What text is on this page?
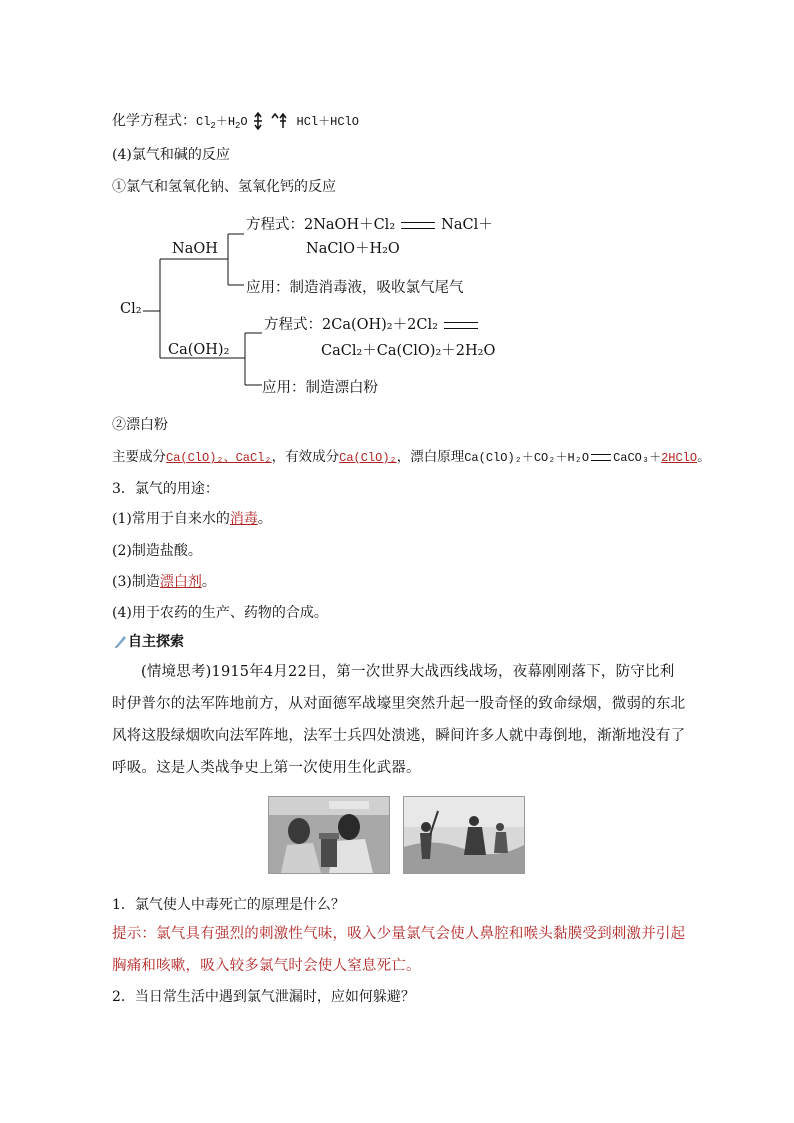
化学方程式：$Cl_2+H_2O$	HCl＋HClO
(4)氯气和碱的反应
①氯气和氢氧化钠、氢氧化钙的反应
Cl₂
NaOH
方程式：2NaOH＋Cl₂	NaCl＋
NaClO＋H₂O
应用：制造消毒液，吸收氯气尾气
Ca(OH)₂
方程式：2Ca(OH)₂＋2Cl₂
CaCl₂＋Ca(ClO)₂＋2H₂O
应用：制造漂白粉
②漂白粉
主要成分Ca(ClO)₂、CaCl₂，有效成分Ca(ClO)₂，漂白原理Ca(ClO)₂＋CO₂＋H₂O CaCO₃＋2HClO。
3．氯气的用途：
(1)常用于自来水的消毒。
(2)制造盐酸。
(3)制造漂白剂。
(4)用于农药的生产、药物的合成。
自主探索
(情境思考)1915年4月22日，第一次世界大战西线战场，夜幕刚刚落下，防守比利时伊普尔的法军阵地前方，从对面德军战壕里突然升起一股奇怪的致命绿烟，微弱的东北风将这股绿烟吹向法军阵地，法军士兵四处溃逃，瞬间许多人就中毒倒地，渐渐地没有了呼吸。这是人类战争史上第一次使用生化武器。
1．氯气使人中毒死亡的原理是什么？
提示：氯气具有强烈的刺激性气味，吸入少量氯气会使人鼻腔和喉头黏膜受到刺激并引起胸痛和咳嗽，吸入较多氯气时会使人窒息死亡。
2．当日常生活中遇到氯气泄漏时，应如何躲避？
